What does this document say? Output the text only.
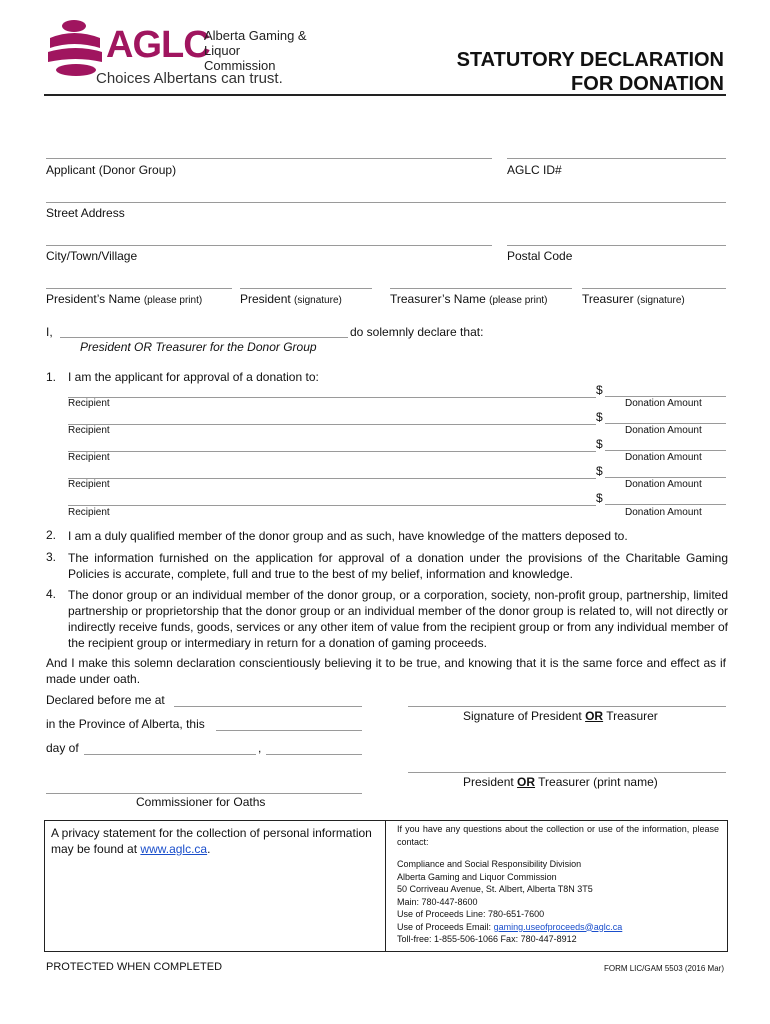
AGLC
Alberta Gaming &
Liquor Commission
Choices Albertans can trust.
STATUTORY DECLARATION
FOR DONATION
Applicant (Donor Group)	AGLC ID#
Street Address
City/Town/Village	Postal Code
President’s Name (please print)	President (signature)	Treasurer’s Name (please print)	Treasurer (signature)
I,	do solemnly declare that:
President OR Treasurer for the Donor Group
1. I am the applicant for approval of a donation to:
$
Recipient	Donation Amount
$
Recipient	Donation Amount
$
Recipient	Donation Amount
$
Recipient	Donation Amount
$
Recipient	Donation Amount
2. I am a duly qualified member of the donor group and as such, have knowledge of the matters deposed to.
3. The information furnished on the application for approval of a donation under the provisions of the Charitable Gaming Policies is accurate, complete, full and true to the best of my belief, information and knowledge.
4. The donor group or an individual member of the donor group, or a corporation, society, non-profit group, partnership, limited partnership or proprietorship that the donor group or an individual member of the donor group is related to, will not directly or indirectly receive funds, goods, services or any other item of value from the recipient group or from any individual member of the recipient group or intermediary in return for a donation of gaming proceeds.
And I make this solemn declaration conscientiously believing it to be true, and knowing that it is the same force and effect as if made under oath.
Declared before me at
in the Province of Alberta, this
day of	,
Commissioner for Oaths
Signature of President OR Treasurer
President OR Treasurer (print name)
A privacy statement for the collection of personal information may be found at www.aglc.ca.
If you have any questions about the collection or use of the information, please contact:
Compliance and Social Responsibility Division
Alberta Gaming and Liquor Commission
50 Corriveau Avenue, St. Albert, Alberta T8N 3T5
Main: 780-447-8600
Use of Proceeds Line: 780-651-7600
Use of Proceeds Email: gaming.useofproceeds@aglc.ca
Toll-free: 1-855-506-1066 Fax: 780-447-8912
PROTECTED WHEN COMPLETED	FORM LIC/GAM 5503 (2016 Mar)
